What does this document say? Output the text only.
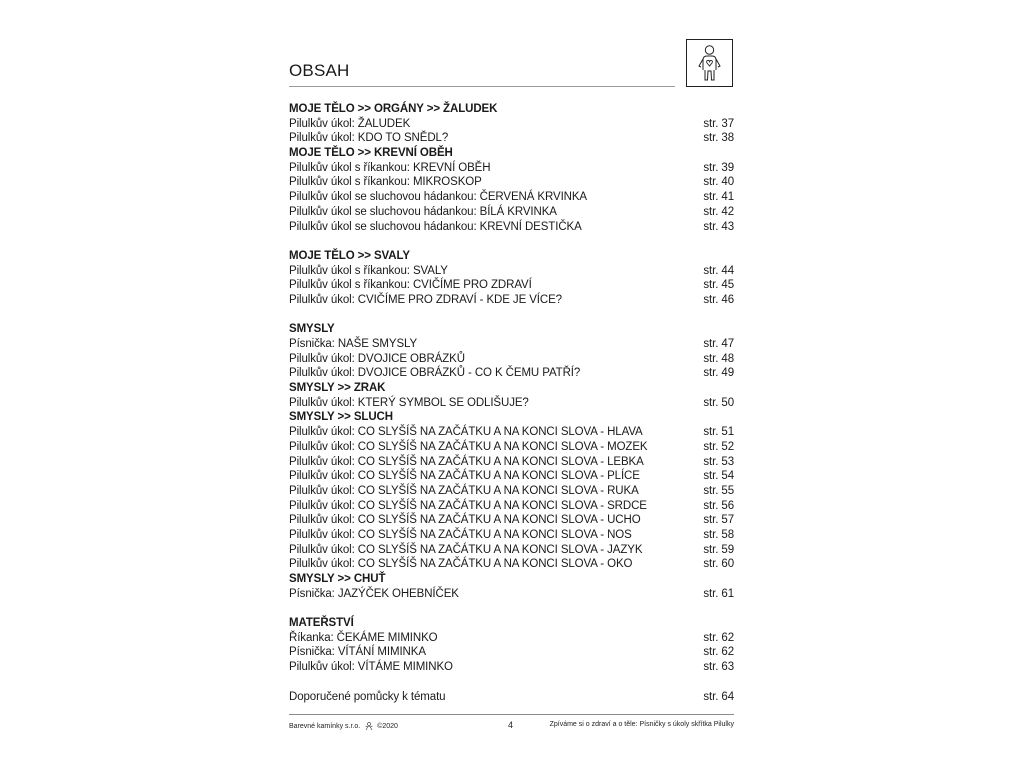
OBSAH
MOJE TĚLO >> ORGÁNY >> ŽALUDEK
Pilulkův úkol: ŽALUDEK	str. 37
Pilulkův úkol: KDO TO SNĚDL?	str. 38
MOJE TĚLO >> KREVNÍ OBĚH
Pilulkův úkol s říkankou: KREVNÍ OBĚH	str. 39
Pilulkův úkol s říkankou: MIKROSKOP	str. 40
Pilulkův úkol se sluchovou hádankou: ČERVENÁ KRVINKA	str. 41
Pilulkův úkol se sluchovou hádankou: BÍLÁ KRVINKA	str. 42
Pilulkův úkol se sluchovou hádankou: KREVNÍ DESTIČKA	str. 43
MOJE TĚLO >> SVALY
Pilulkův úkol s říkankou: SVALY	str. 44
Pilulkův úkol s říkankou: CVIČÍME PRO ZDRAVÍ	str. 45
Pilulkův úkol: CVIČÍME PRO ZDRAVÍ - KDE JE VÍCE?	str. 46
SMYSLY
Písnička: NAŠE SMYSLY	str. 47
Pilulkův úkol: DVOJICE OBRÁZKŮ	str. 48
Pilulkův úkol: DVOJICE OBRÁZKŮ - CO K ČEMU PATŘÍ?	str. 49
SMYSLY >> ZRAK
Pilulkův úkol: KTERÝ SYMBOL SE ODLIŠUJE?	str. 50
SMYSLY >> SLUCH
Pilulkův úkol: CO SLYŠÍŠ NA ZAČÁTKU A NA KONCI SLOVA - HLAVA	str. 51
Pilulkův úkol: CO SLYŠÍŠ NA ZAČÁTKU A NA KONCI SLOVA - MOZEK	str. 52
Pilulkův úkol: CO SLYŠÍŠ NA ZAČÁTKU A NA KONCI SLOVA - LEBKA	str. 53
Pilulkův úkol: CO SLYŠÍŠ NA ZAČÁTKU A NA KONCI SLOVA - PLÍCE	str. 54
Pilulkův úkol: CO SLYŠÍŠ NA ZAČÁTKU A NA KONCI SLOVA - RUKA	str. 55
Pilulkův úkol: CO SLYŠÍŠ NA ZAČÁTKU A NA KONCI SLOVA - SRDCE	str. 56
Pilulkův úkol: CO SLYŠÍŠ NA ZAČÁTKU A NA KONCI SLOVA - UCHO	str. 57
Pilulkův úkol: CO SLYŠÍŠ NA ZAČÁTKU A NA KONCI SLOVA - NOS	str. 58
Pilulkův úkol: CO SLYŠÍŠ NA ZAČÁTKU A NA KONCI SLOVA - JAZYK	str. 59
Pilulkův úkol: CO SLYŠÍŠ NA ZAČÁTKU A NA KONCI SLOVA - OKO	str. 60
SMYSLY >> CHUŤ
Písnička: JAZÝČEK OHEBNÍČEK	str. 61
MATEŘSTVÍ
Říkanka: ČEKÁME MIMINKO	str. 62
Písnička: VÍTÁNÍ MIMINKA	str. 62
Pilulkův úkol: VÍTÁME MIMINKO	str. 63
Doporučené pomůcky k tématu	str. 64
Barevné kamínky s.r.o. ©2020	4	Zpíváme si o zdraví a o těle: Písničky s úkoly skřítka Pilulky
